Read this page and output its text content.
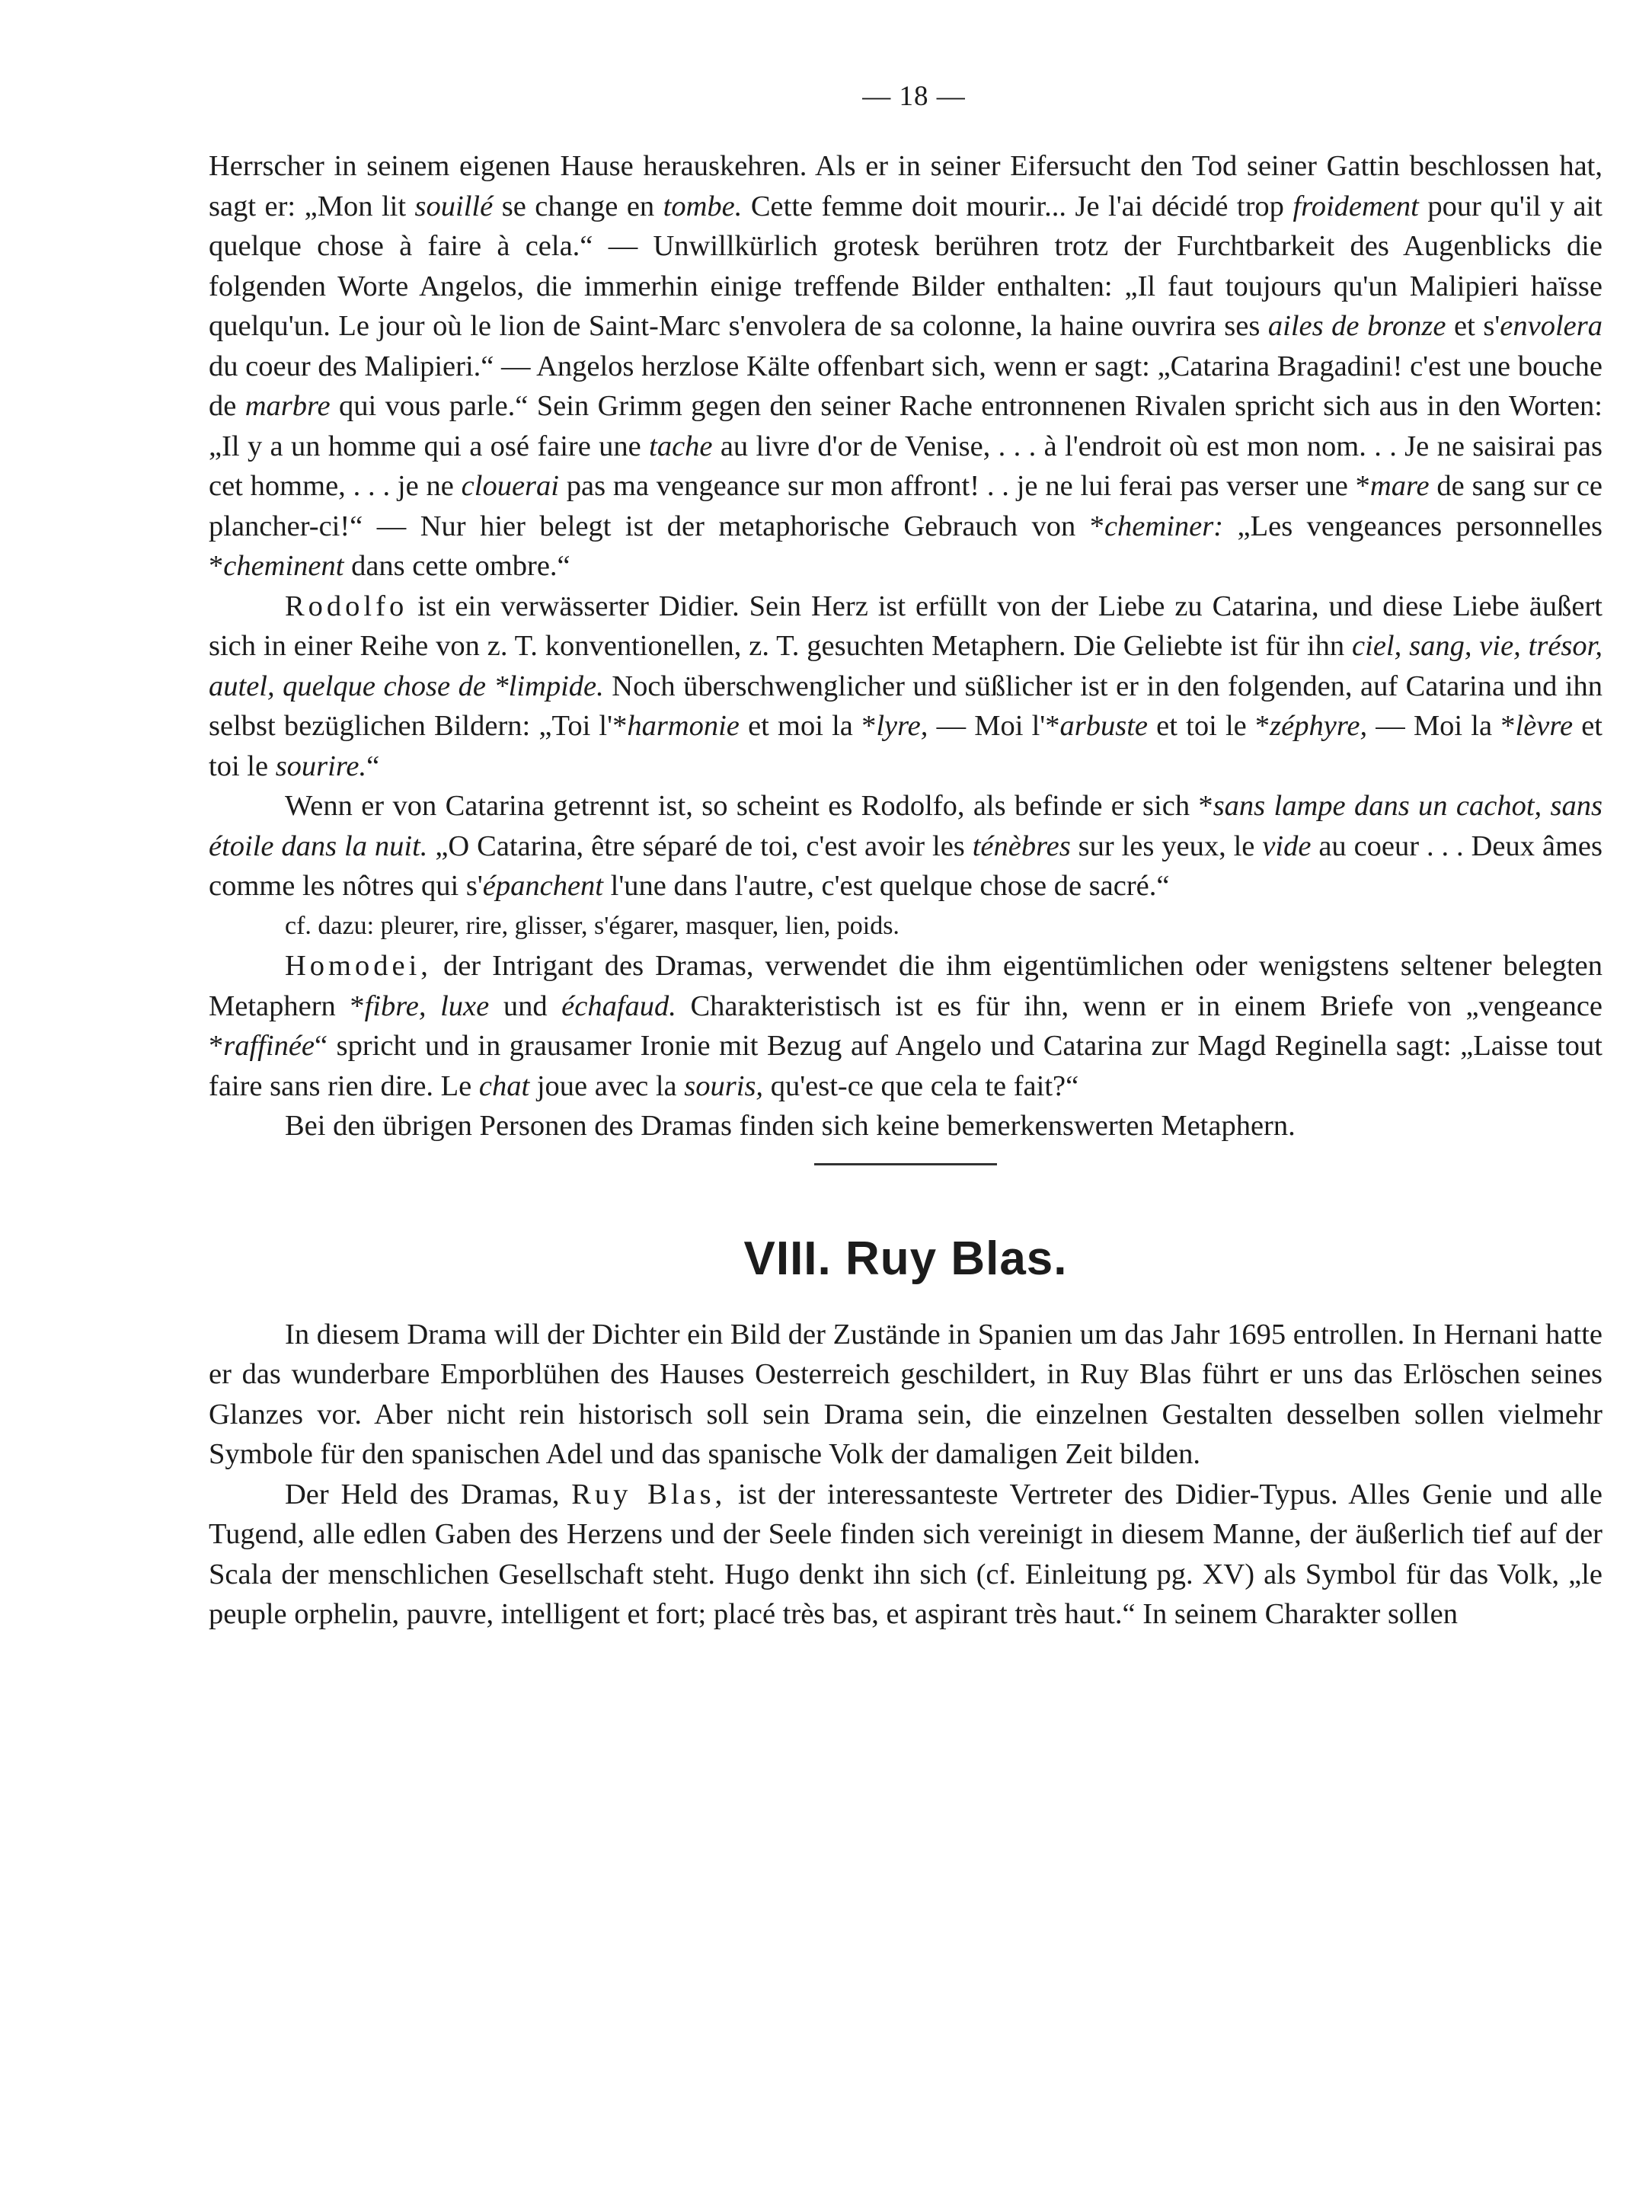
— 18 —

Herrscher in seinem eigenen Hause herauskehren. Als er in seiner Eifersucht den Tod seiner Gattin beschlossen hat, sagt er: „Mon lit souillé se change en tombe. Cette femme doit mourir... Je l'ai décidé trop froidement pour qu'il y ait quelque chose à faire à cela.“ — Unwillkürlich grotesk berühren trotz der Furchtbarkeit des Augenblicks die folgenden Worte Angelos, die immerhin einige treffende Bilder enthalten: „Il faut toujours qu'un Malipieri haïsse quelqu'un. Le jour où le lion de Saint-Marc s'envolera de sa colonne, la haine ouvrira ses ailes de bronze et s'envolera du coeur des Malipieri.“ — Angelos herzlose Kälte offenbart sich, wenn er sagt: „Catarina Bragadini! c'est une bouche de marbre qui vous parle.“ Sein Grimm gegen den seiner Rache entronnenen Rivalen spricht sich aus in den Worten: „Il y a un homme qui a osé faire une tache au livre d'or de Venise, . . . à l'endroit où est mon nom. . . Je ne saisirai pas cet homme, . . . je ne clouerai pas ma vengeance sur mon affront! . . je ne lui ferai pas verser une *mare de sang sur ce plancher-ci!“ — Nur hier belegt ist der metaphorische Gebrauch von *cheminer: „Les vengeances personnelles *cheminent dans cette ombre.“

Rodolfo ist ein verwässerter Didier. Sein Herz ist erfüllt von der Liebe zu Catarina, und diese Liebe äußert sich in einer Reihe von z. T. konventionellen, z. T. gesuchten Metaphern. Die Geliebte ist für ihn ciel, sang, vie, trésor, autel, quelque chose de *limpide. Noch überschwenglicher und süßlicher ist er in den folgenden, auf Catarina und ihn selbst bezüglichen Bildern: „Toi l'*harmonie et moi la *lyre, — Moi l'*arbuste et toi le *zéphyre, — Moi la *lèvre et toi le sourire.“

Wenn er von Catarina getrennt ist, so scheint es Rodolfo, als befinde er sich *sans lampe dans un cachot, sans étoile dans la nuit. „O Catarina, être séparé de toi, c'est avoir les ténèbres sur les yeux, le vide au coeur . . . Deux âmes comme les nôtres qui s'épanchent l'une dans l'autre, c'est quelque chose de sacré.“

cf. dazu: pleurer, rire, glisser, s'égarer, masquer, lien, poids.

Homodei, der Intrigant des Dramas, verwendet die ihm eigentümlichen oder wenigstens seltener belegten Metaphern *fibre, luxe und échafaud. Charakteristisch ist es für ihn, wenn er in einem Briefe von „vengeance *raffinée“ spricht und in grausamer Ironie mit Bezug auf Angelo und Catarina zur Magd Reginella sagt: „Laisse tout faire sans rien dire. Le chat joue avec la souris, qu'est-ce que cela te fait?“

Bei den übrigen Personen des Dramas finden sich keine bemerkenswerten Metaphern.

VIII. Ruy Blas.

In diesem Drama will der Dichter ein Bild der Zustände in Spanien um das Jahr 1695 entrollen. In Hernani hatte er das wunderbare Emporblühen des Hauses Oesterreich geschildert, in Ruy Blas führt er uns das Erlöschen seines Glanzes vor. Aber nicht rein historisch soll sein Drama sein, die einzelnen Gestalten desselben sollen vielmehr Symbole für den spanischen Adel und das spanische Volk der damaligen Zeit bilden.

Der Held des Dramas, Ruy Blas, ist der interessanteste Vertreter des Didier-Typus. Alles Genie und alle Tugend, alle edlen Gaben des Herzens und der Seele finden sich vereinigt in diesem Manne, der äußerlich tief auf der Scala der menschlichen Gesellschaft steht. Hugo denkt ihn sich (cf. Einleitung pg. XV) als Symbol für das Volk, „le peuple orphelin, pauvre, intelligent et fort; placé très bas, et aspirant très haut.“ In seinem Charakter sollen
